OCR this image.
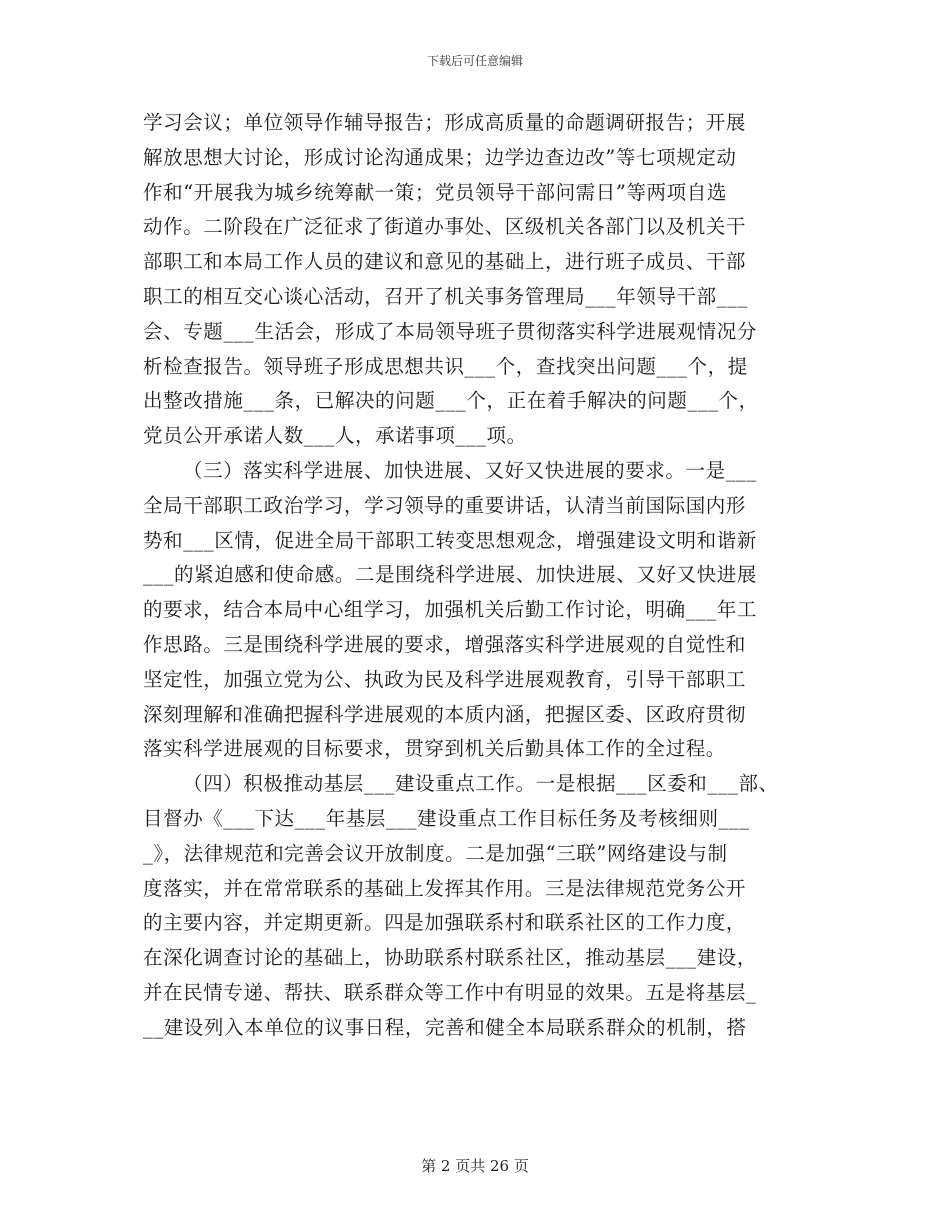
下载后可任意编辑
学习会议；单位领导作辅导报告；形成高质量的命题调研报告；开展
解放思想大讨论，形成讨论沟通成果；边学边查边改”等七项规定动
作和“开展我为城乡统筹献一策；党员领导干部问需日”等两项自选
动作。二阶段在广泛征求了街道办事处、区级机关各部门以及机关干
部职工和本局工作人员的建议和意见的基础上，进行班子成员、干部
职工的相互交心谈心活动，召开了机关事务管理局___年领导干部___
会、专题___生活会，形成了本局领导班子贯彻落实科学进展观情况分
析检查报告。领导班子形成思想共识___个，查找突出问题___个，提
出整改措施___条，已解决的问题___个，正在着手解决的问题___个，
党员公开承诺人数___人，承诺事项___项。
（三）落实科学进展、加快进展、又好又快进展的要求。一是___
全局干部职工政治学习，学习领导的重要讲话，认清当前国际国内形
势和___区情，促进全局干部职工转变思想观念，增强建设文明和谐新
___的紧迫感和使命感。二是围绕科学进展、加快进展、又好又快进展
的要求，结合本局中心组学习，加强机关后勤工作讨论，明确___年工
作思路。三是围绕科学进展的要求，增强落实科学进展观的自觉性和
坚定性，加强立党为公、执政为民及科学进展观教育，引导干部职工
深刻理解和准确把握科学进展观的本质内涵，把握区委、区政府贯彻
落实科学进展观的目标要求，贯穿到机关后勤具体工作的全过程。
（四）积极推动基层___建设重点工作。一是根据___区委和___部、
目督办《___下达___年基层___建设重点工作目标任务及考核细则___
_》，法律规范和完善会议开放制度。二是加强“三联”网络建设与制
度落实，并在常常联系的基础上发挥其作用。三是法律规范党务公开
的主要内容，并定期更新。四是加强联系村和联系社区的工作力度，
在深化调查讨论的基础上，协助联系村联系社区，推动基层___建设，
并在民情专递、帮扶、联系群众等工作中有明显的效果。五是将基层_
__建设列入本单位的议事日程，完善和健全本局联系群众的机制，搭
第 2 页共 26 页
